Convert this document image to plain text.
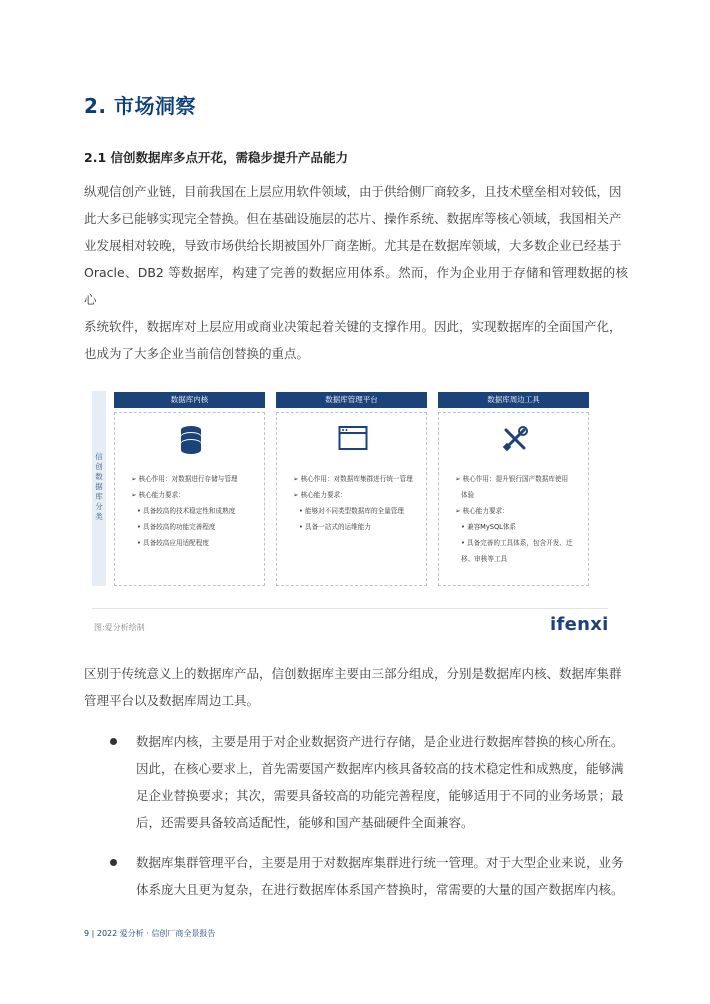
2. 市场洞察
2.1 信创数据库多点开花，需稳步提升产品能力

纵观信创产业链，目前我国在上层应用软件领域，由于供给侧厂商较多，且技术壁垒相对较低，因

此大多已能够实现完全替换。但在基础设施层的芯片、操作系统、数据库等核心领域，我国相关产

业发展相对较晚，导致市场供给长期被国外厂商垄断。尤其是在数据库领域，大多数企业已经基于

Oracle、DB2 等数据库，构建了完善的数据应用体系。然而，作为企业用于存储和管理数据的核心

系统软件，数据库对上层应用或商业决策起着关键的支撑作用。因此，实现数据库的全面国产化，

也成为了大多企业当前信创替换的重点。

信
创
数
据
库
分
类
数据库内核
➢ 核心作用：对数据进行存储与管理
➢ 核心能力要求：
• 具备较高的技术稳定性和成熟度
• 具备较高的功能完善程度
• 具备较高应用适配程度
数据库管理平台
➢ 核心作用：对数据库集群进行统一管理
➢ 核心能力要求：
• 能够对不同类型数据库的全量管理
• 具备一站式的运维能力
数据库周边工具
➢ 核心作用：提升银行国产数据库使用
体验
➢ 核心能力要求：
• 兼容MySQL体系
• 具备完善的工具体系，包含开发、迁
移、审核等工具
图:爱分析绘制	ifenxi

区别于传统意义上的数据库产品，信创数据库主要由三部分组成，分别是数据库内核、数据库集群

管理平台以及数据库周边工具。

数据库内核，主要是用于对企业数据资产进行存储，是企业进行数据库替换的核心所在。
因此，在核心要求上，首先需要国产数据库内核具备较高的技术稳定性和成熟度，能够满
足企业替换要求；其次，需要具备较高的功能完善程度，能够适用于不同的业务场景；最
后，还需要具备较高适配性，能够和国产基础硬件全面兼容。
数据库集群管理平台，主要是用于对数据库集群进行统一管理。对于大型企业来说，业务
体系庞大且更为复杂，在进行数据库体系国产替换时，常需要的大量的国产数据库内核。
9 | 2022 爱分析 · 信创厂商全景报告
